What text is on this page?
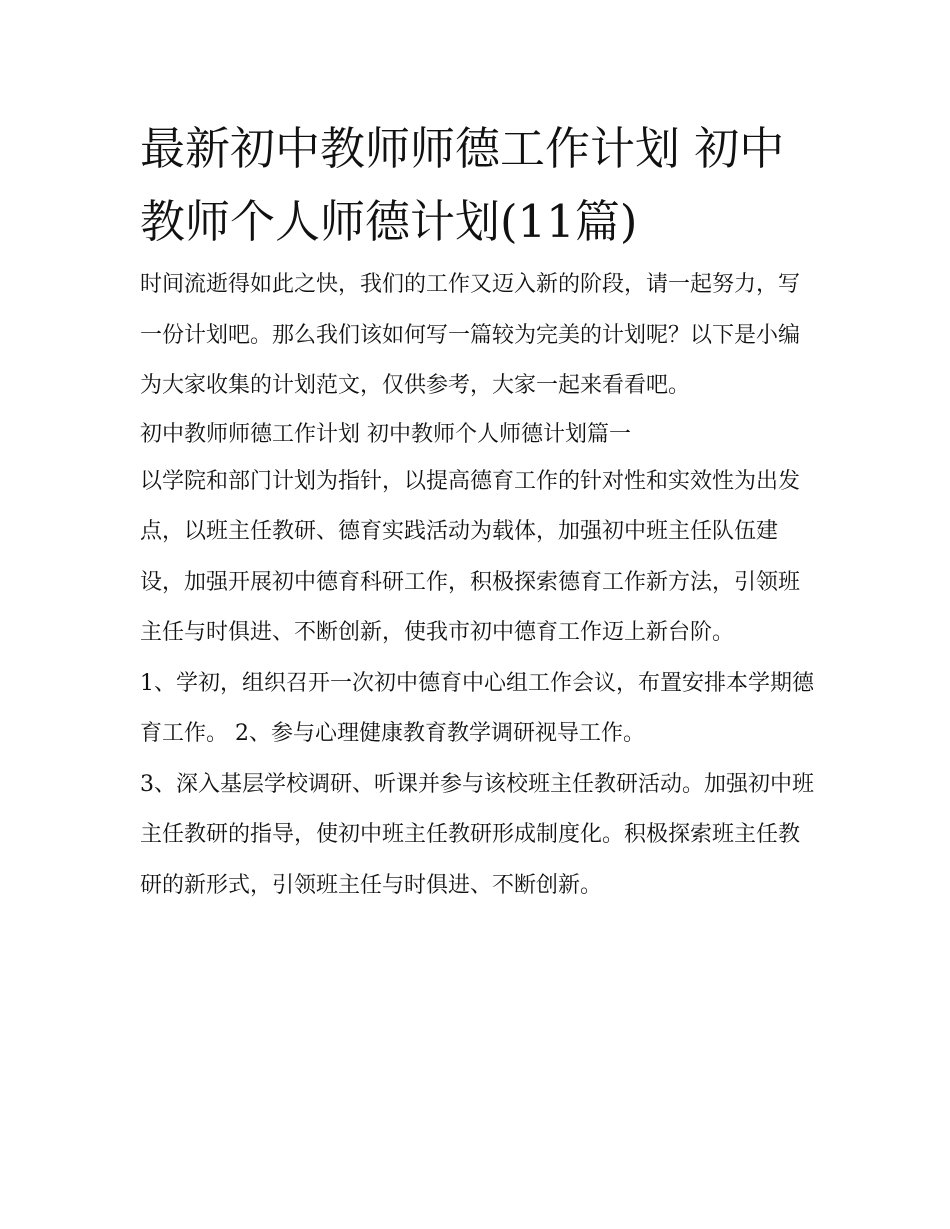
最新初中教师师德工作计划 初中教师个人师德计划(11篇)

时间流逝得如此之快，我们的工作又迈入新的阶段，请一起努力，写一份计划吧。那么我们该如何写一篇较为完美的计划呢？以下是小编为大家收集的计划范文，仅供参考，大家一起来看看吧。

初中教师师德工作计划 初中教师个人师德计划篇一

以学院和部门计划为指针，以提高德育工作的针对性和实效性为出发点，以班主任教研、德育实践活动为载体，加强初中班主任队伍建设，加强开展初中德育科研工作，积极探索德育工作新方法，引领班主任与时俱进、不断创新，使我市初中德育工作迈上新台阶。

1、学初，组织召开一次初中德育中心组工作会议，布置安排本学期德育工作。 2、参与心理健康教育教学调研视导工作。

3、深入基层学校调研、听课并参与该校班主任教研活动。加强初中班主任教研的指导，使初中班主任教研形成制度化。积极探索班主任教研的新形式，引领班主任与时俱进、不断创新。
